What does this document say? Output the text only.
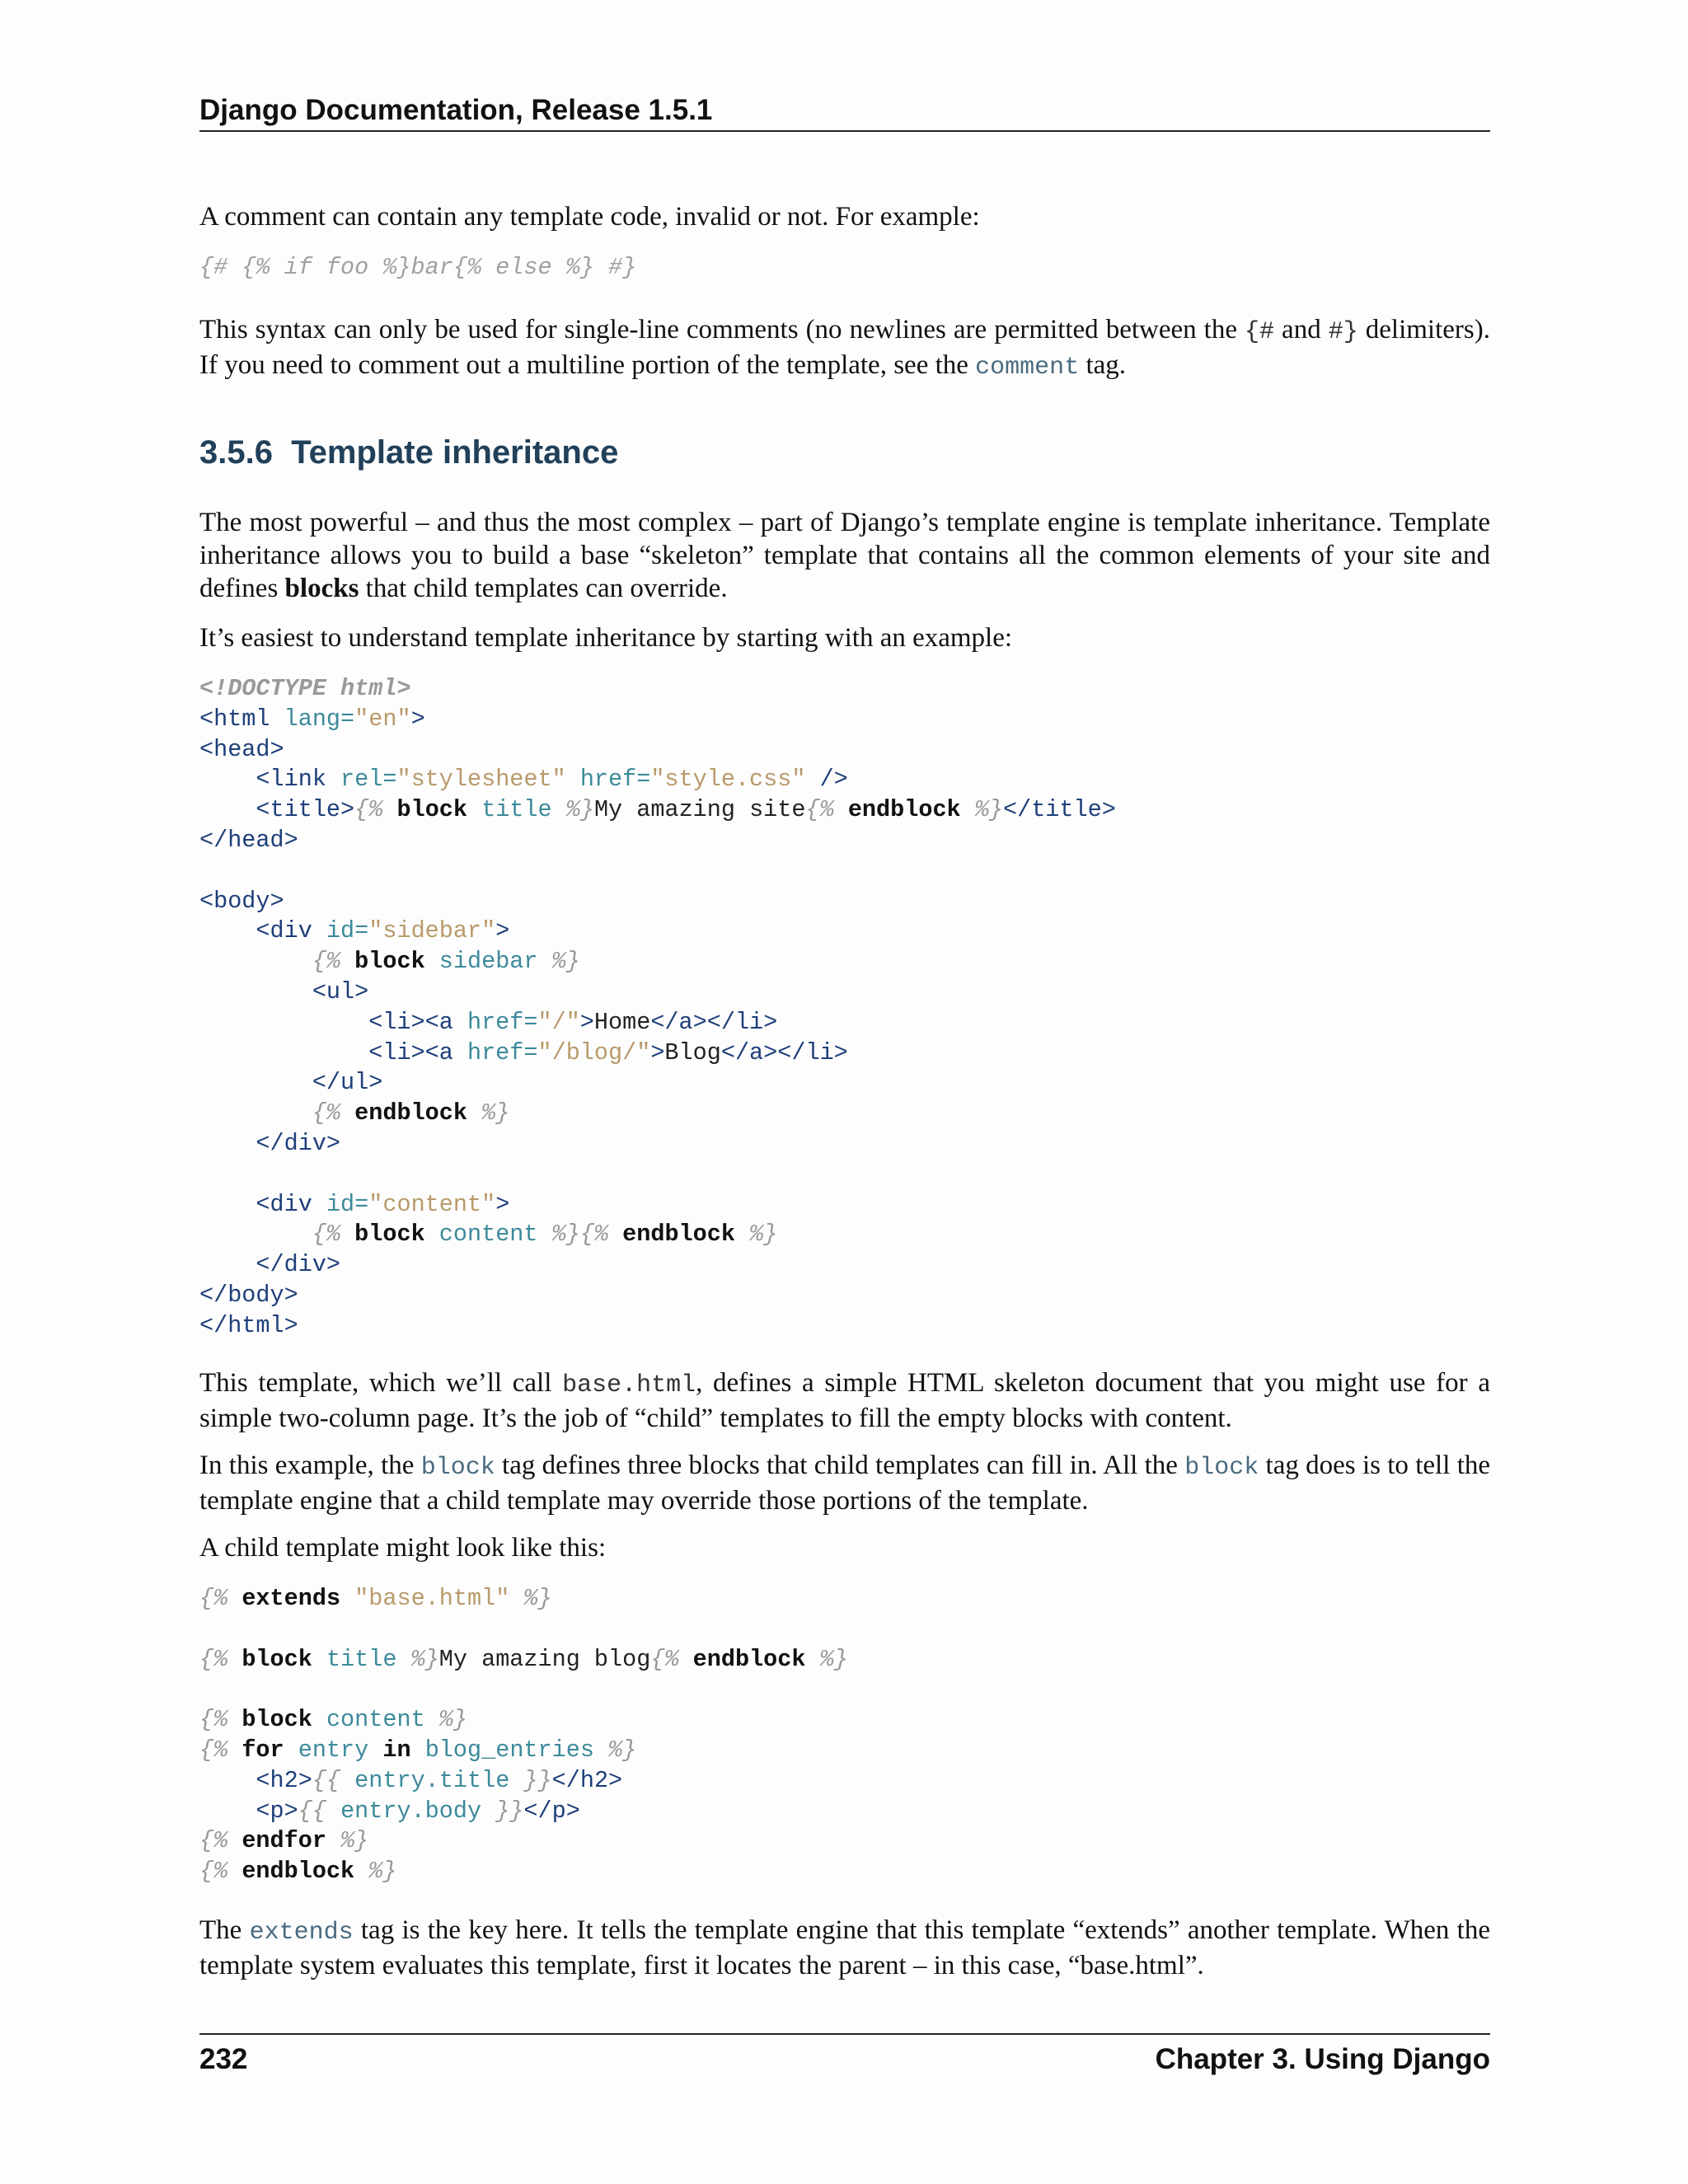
Django Documentation, Release 1.5.1

A comment can contain any template code, invalid or not. For example:

{# {% if foo %}bar{% else %} #}

This syntax can only be used for single-line comments (no newlines are permitted between the {# and #} delimiters). If you need to comment out a multiline portion of the template, see the comment tag.

3.5.6 Template inheritance

The most powerful – and thus the most complex – part of Django’s template engine is template inheritance. Template inheritance allows you to build a base “skeleton” template that contains all the common elements of your site and defines blocks that child templates can override.

It’s easiest to understand template inheritance by starting with an example:

<!DOCTYPE html>
<html lang="en">
<head>
<link rel="stylesheet" href="style.css" />
<title>{% block title %}My amazing site{% endblock %}</title>
</head>

<body>
<div id="sidebar">
{% block sidebar %}
<ul>
<li><a href="/">Home</a></li>
<li><a href="/blog/">Blog</a></li>
</ul>
{% endblock %}
</div>

<div id="content">
{% block content %}{% endblock %}
</div>
</body>
</html>

This template, which we’ll call base.html, defines a simple HTML skeleton document that you might use for a simple two-column page. It’s the job of “child” templates to fill the empty blocks with content.

In this example, the block tag defines three blocks that child templates can fill in. All the block tag does is to tell the template engine that a child template may override those portions of the template.

A child template might look like this:

{% extends "base.html" %}

{% block title %}My amazing blog{% endblock %}

{% block content %}
{% for entry in blog_entries %}
<h2>{{ entry.title }}</h2>
<p>{{ entry.body }}</p>
{% endfor %}
{% endblock %}

The extends tag is the key here. It tells the template engine that this template “extends” another template. When the template system evaluates this template, first it locates the parent – in this case, “base.html”.

232	Chapter 3. Using Django
